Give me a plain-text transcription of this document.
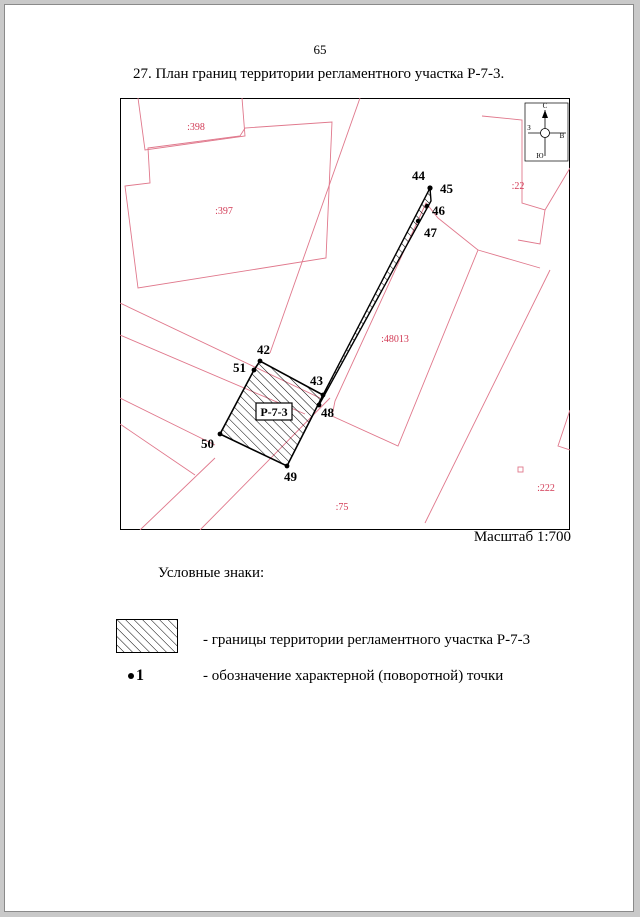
65
27. План границ территории регламентного участка Р-7-3.
:398
:397
:48013
:22
:75
:222
С
З
В
Ю
Р-7-3
42
43
44
45
46
47
48
49
50
51
Масштаб 1:700
Условные знаки:
- границы территории регламентного участка Р-7-3
1	- обозначение характерной (поворотной) точки
